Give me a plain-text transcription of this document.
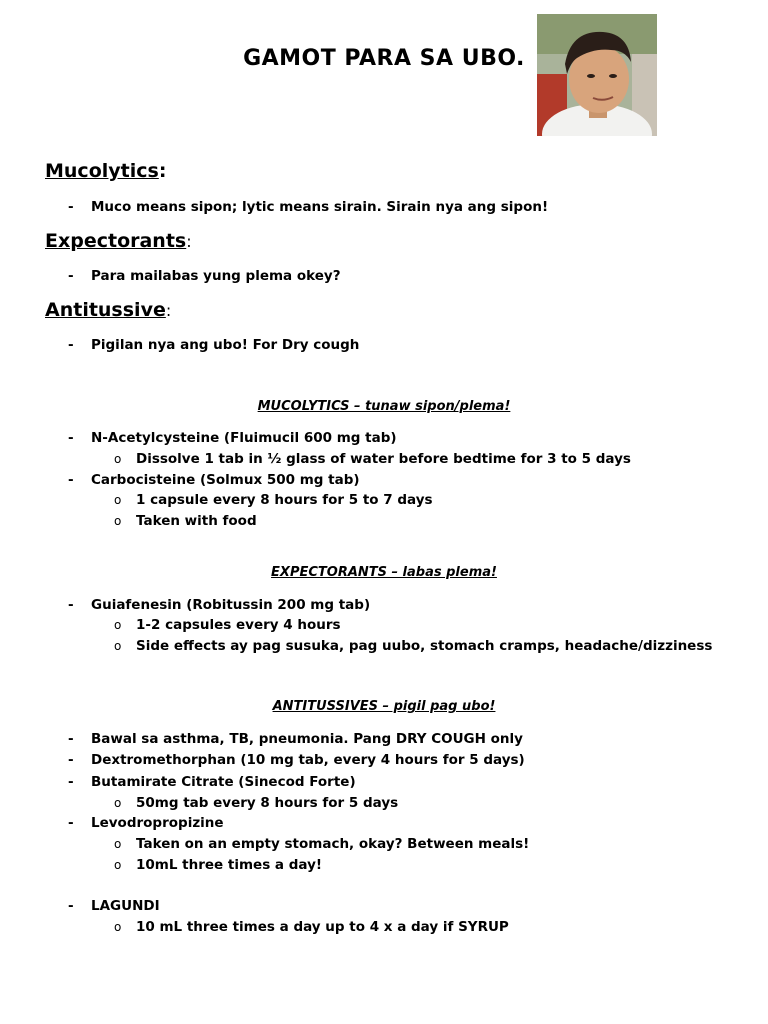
GAMOT PARA SA UBO.
Mucolytics:
- Muco means sipon; lytic means sirain. Sirain nya ang sipon!
Expectorants:
- Para mailabas yung plema okey?
Antitussive:
- Pigilan nya ang ubo! For Dry cough
MUCOLYTICS – tunaw sipon/plema!
- N-Acetylcysteine (Fluimucil 600 mg tab)
o Dissolve 1 tab in ½ glass of water before bedtime for 3 to 5 days
- Carbocisteine (Solmux 500 mg tab)
o 1 capsule every 8 hours for 5 to 7 days
o Taken with food
EXPECTORANTS – labas plema!
- Guiafenesin (Robitussin 200 mg tab)
o 1-2 capsules every 4 hours
o Side effects ay pag susuka, pag uubo, stomach cramps, headache/dizziness
ANTITUSSIVES – pigil pag ubo!
- Bawal sa asthma, TB, pneumonia. Pang DRY COUGH only
- Dextromethorphan (10 mg tab, every 4 hours for 5 days)
- Butamirate Citrate (Sinecod Forte)
o 50mg tab every 8 hours for 5 days
- Levodropropizine
o Taken on an empty stomach, okay? Between meals!
o 10mL three times a day!
- LAGUNDI
o 10 mL three times a day up to 4 x a day if SYRUP
